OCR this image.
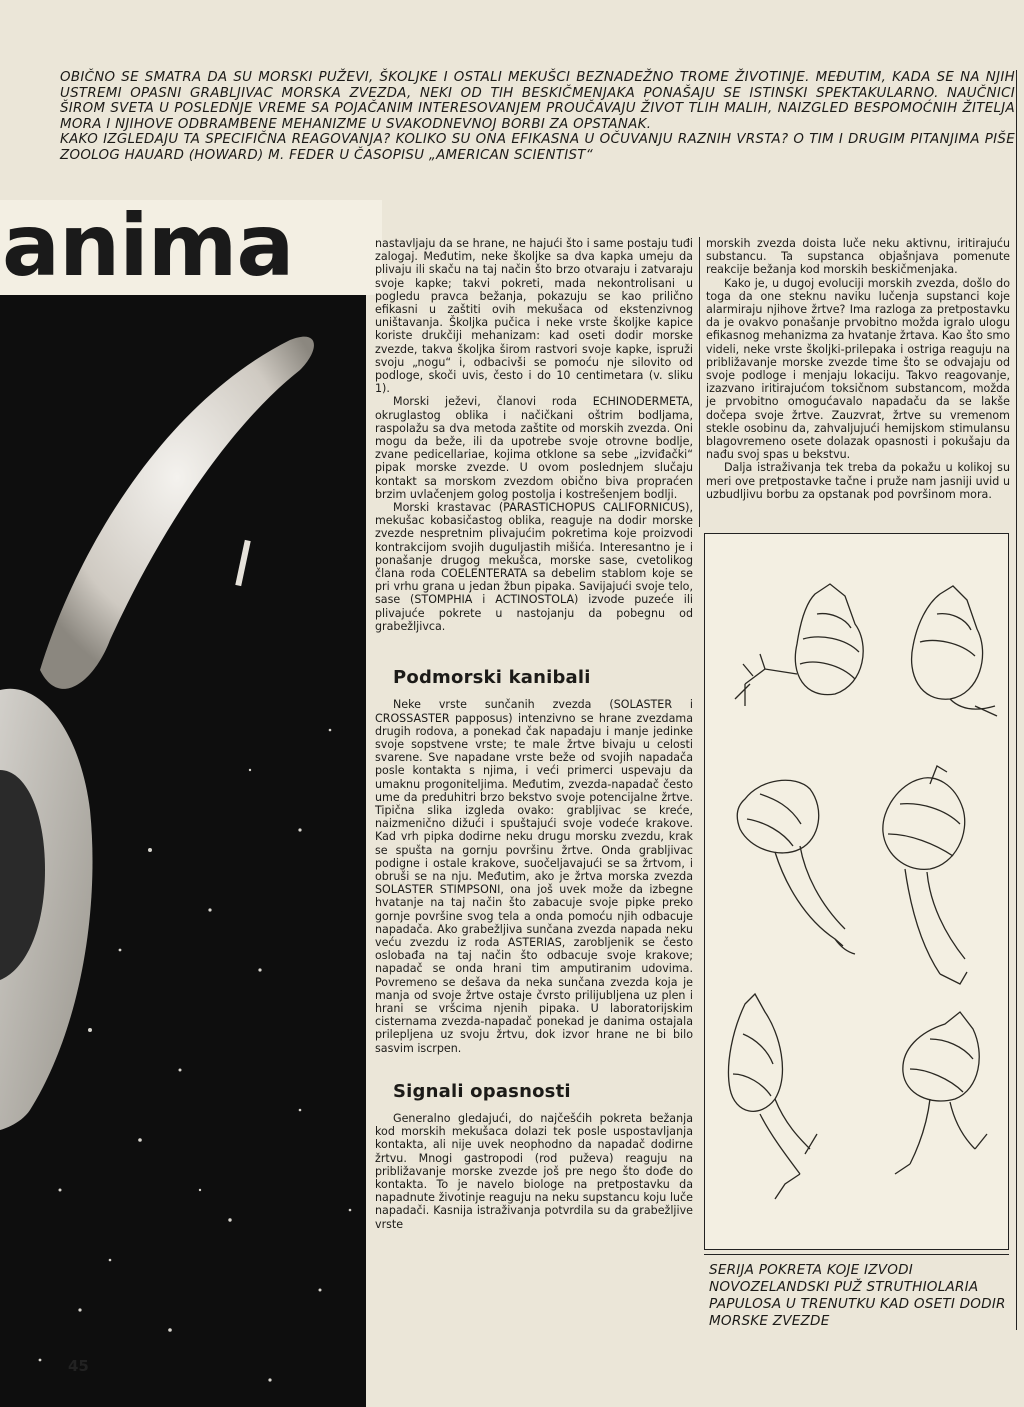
OBIČNO SE SMATRA DA SU MORSKI PUŽEVI, ŠKOLJKE I OSTALI MEKUŠCI BEZNADEŽNO TROME ŽIVOTINJE. MEĐUTIM, KADA SE NA NJIH USTREMI OPASNI GRABLJIVAC MORSKA ZVEZDA, NEKI OD TIH BESKIČMENJAKA PONAŠAJU SE ISTINSKI SPEKTAKULARNO. NAUČNICI ŠIROM SVETA U POSLEDNJE VREME SA POJAČANIM INTERESOVANJEM PROUČAVAJU ŽIVOT TLIH MALIH, NAIZGLED BESPOMOĆNIH ŽITELJA MORA I NJIHOVE ODBRAMBENE MEHANIZME U SVAKODNEVNOJ BORBI ZA OPSTANAK.

KAKO IZGLEDAJU TA SPECIFIČNA REAGOVANJA? KOLIKO SU ONA EFIKASNA U OČUVANJU RAZNIH VRSTA? O TIM I DRUGIM PITANJIMA PIŠE ZOOLOG HAUARD (HOWARD) M. FEDER U ČASOPISU „AMERICAN SCIENTIST“

anima	nastavljaju da se hrane, ne hajući što i same postaju tuđi zalogaj. Međutim, neke školjke sa dva kapka umeju da plivaju ili skaču na taj način što brzo otvaraju i zatvaraju svoje kapke; takvi pokreti, mada nekontrolisani u pogledu pravca bežanja, pokazuju se kao prilično efikasni u zaštiti ovih mekušaca od ekstenzivnog uništavanja. Školjka pučica i neke vrste školjke kapice koriste drukčiji mehanizam: kad oseti dodir morske zvezde, takva školjka širom rastvori svoje kapke, ispruži svoju „nogu“ i, odbacivši se pomoću nje silovito od podloge, skoči uvis, često i do 10 centimetara (v. sliku 1).

Morski ježevi, članovi roda ECHINODERMETA, okruglastog oblika i načičkani oštrim bodljama, raspolažu sa dva metoda zaštite od morskih zvezda. Oni mogu da beže, ili da upotrebe svoje otrovne bodlje, zvane pedicellariae, kojima otklone sa sebe „izviđački“ pipak morske zvezde. U ovom poslednjem slučaju kontakt sa morskom zvezdom obično biva propraćen brzim uvlačenjem golog postolja i kostrešenjem bodlji.

Morski krastavac (PARASTICHOPUS CALIFORNICUS), mekušac kobasičastog oblika, reaguje na dodir morske zvezde nespretnim plivajućim pokretima koje proizvodi kontrakcijom svojih duguljastih mišića. Interesantno je i ponašanje drugog mekušca, morske sase, cvetolikog člana roda COELENTERATA sa debelim stablom koje se pri vrhu grana u jedan žbun pipaka. Savijajući svoje telo, sase (STOMPHIA i ACTINOSTOLA) izvode puzeće ili plivajuće pokrete u nastojanju da pobegnu od grabežljivca.

Podmorski kanibali

Neke vrste sunčanih zvezda (SOLASTER i CROSSASTER papposus) intenzivno se hrane zvezdama drugih rodova, a ponekad čak napadaju i manje jedinke svoje sopstvene vrste; te male žrtve bivaju u celosti svarene. Sve napadane vrste beže od svojih napadača posle kontakta s njima, i veći primerci uspevaju da umaknu progoniteljima. Međutim, zvezda-napadač često ume da preduhitri brzo bekstvo svoje potencijalne žrtve. Tipična slika izgleda ovako: grabljivac se kreće, naizmenično dižući i spuštajući svoje vodeće krakove. Kad vrh pipka dodirne neku drugu morsku zvezdu, krak se spušta na gornju površinu žrtve. Onda grabljivac podigne i ostale krakove, suočeljavajući se sa žrtvom, i obruši se na nju. Međutim, ako je žrtva morska zvezda SOLASTER STIMPSONI, ona još uvek može da izbegne hvatanje na taj način što zabacuje svoje pipke preko gornje površine svog tela a onda pomoću njih odbacuje napadača. Ako grabežljiva sunčana zvezda napada neku veću zvezdu iz roda ASTERIAS, zarobljenik se često oslobađa na taj način što odbacuje svoje krakove; napadač se onda hrani tim amputiranim udovima. Povremeno se dešava da neka sunčana zvezda koja je manja od svoje žrtve ostaje čvrsto prilijubljena uz plen i hrani se vršcima njenih pipaka. U laboratorijskim cisternama zvezda-napadač ponekad je danima ostajala prilepljena uz svoju žrtvu, dok izvor hrane ne bi bilo sasvim iscrpen.

Signali opasnosti

Generalno gledajući, do najčešćih pokreta bežanja kod morskih mekušaca dolazi tek posle uspostavljanja kontakta, ali nije uvek neophodno da napadač dodirne žrtvu. Mnogi gastropodi (rod puževa) reaguju na približavanje morske zvezde još pre nego što dođe do kontakta. To je navelo biologe na pretpostavku da napadnute životinje reaguju na neku supstancu koju luče napadači. Kasnija istraživanja potvrdila su da grabežljive vrste

morskih zvezda doista luče neku aktivnu, iritirajuću substancu. Ta supstanca objašnjava pomenute reakcije bežanja kod morskih beskičmenjaka.

Kako je, u dugoj evoluciji morskih zvezda, došlo do toga da one steknu naviku lučenja supstanci koje alarmiraju njihove žrtve? Ima razloga za pretpostavku da je ovakvo ponašanje prvobitno možda igralo ulogu efikasnog mehanizma za hvatanje žrtava. Kao što smo videli, neke vrste školjki-prilepaka i ostriga reaguju na približavanje morske zvezde time što se odvajaju od svoje podloge i menjaju lokaciju. Takvo reagovanje, izazvano iritirajućom toksičnom substancom, možda je prvobitno omogućavalo napadaču da se lakše dočepa svoje žrtve. Zauzvrat, žrtve su vremenom stekle osobinu da, zahvaljujući hemijskom stimulansu blagovremeno osete dolazak opasnosti i pokušaju da nađu svoj spas u bekstvu.

Dalja istraživanja tek treba da pokažu u kolikoj su meri ove pretpostavke tačne i pruže nam jasniji uvid u uzbudljivu borbu za opstanak pod površinom mora.

SERIJA POKRETA KOJE IZVODI NOVOZELANDSKI PUŽ STRUTHIOLARIA PAPULOSA U TRENUTKU KAD OSETI DODIR MORSKE ZVEZDE
45
